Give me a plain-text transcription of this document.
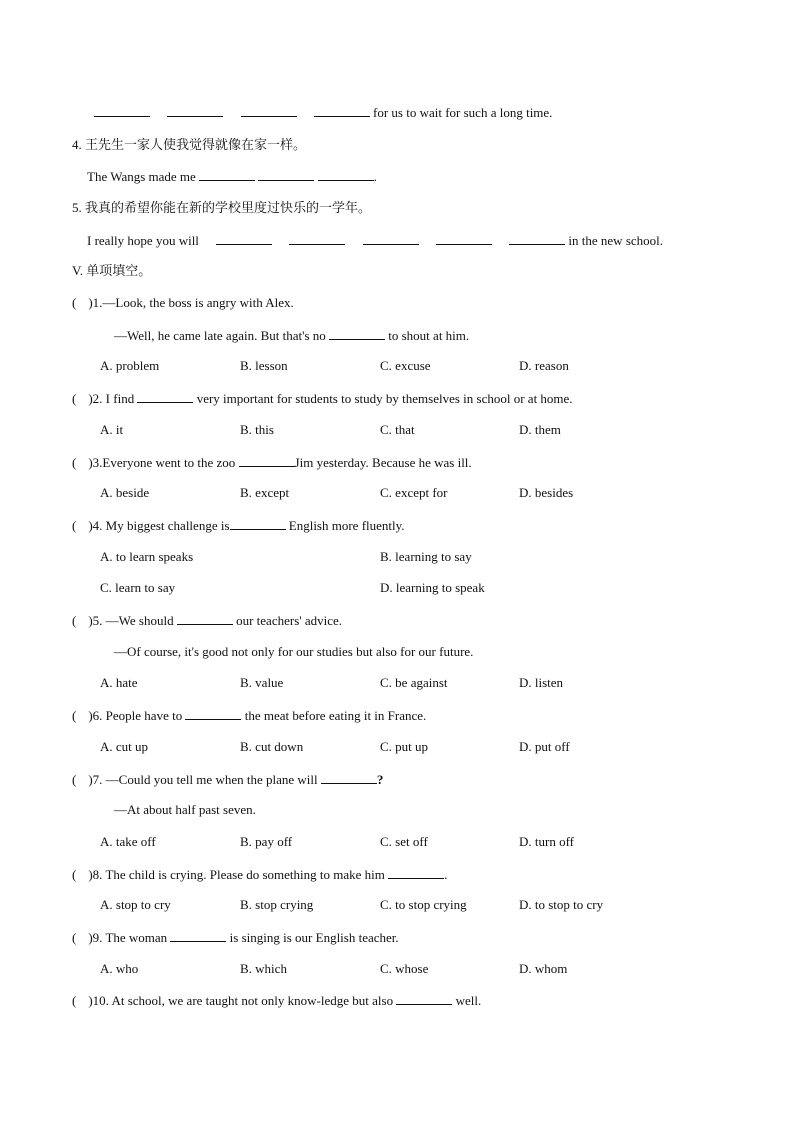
for us to wait for such a long time.
4. 王先生一家人使我觉得就像在家一样。
The Wangs made me	.
5. 我真的希望你能在新的学校里度过快乐的一学年。
I really hope you will	in the new school.
V. 单项填空。
( )1.—Look, the boss is angry with Alex.
—Well, he came late again. But that's no	to shout at him.
A. problem	B. lesson	C. excuse	D. reason
( )2. I find	very important for students to study by themselves in school or at home.
A. it	B. this	C. that	D. them
( )3.Everyone went to the zoo	Jim yesterday. Because he was ill.
A. beside	B. except	C. except for	D. besides
( )4. My biggest challenge is	English more fluently.
A. to learn speaks	B. learning to say
C. learn to say	D. learning to speak
( )5. —We should	our teachers' advice.
—Of course, it's good not only for our studies but also for our future.
A. hate	B. value	C. be against	D. listen
( )6. People have to	the meat before eating it in France.
A. cut up	B. cut down	C. put up	D. put off
( )7. —Could you tell me when the plane will	?
—At about half past seven.
A. take off	B. pay off	C. set off	D. turn off
( )8. The child is crying. Please do something to make him	.
A. stop to cry	B. stop crying	C. to stop crying	D. to stop to cry
( )9. The woman	is singing is our English teacher.
A. who	B. which	C. whose	D. whom
( )10. At school, we are taught not only know-ledge but also	well.
